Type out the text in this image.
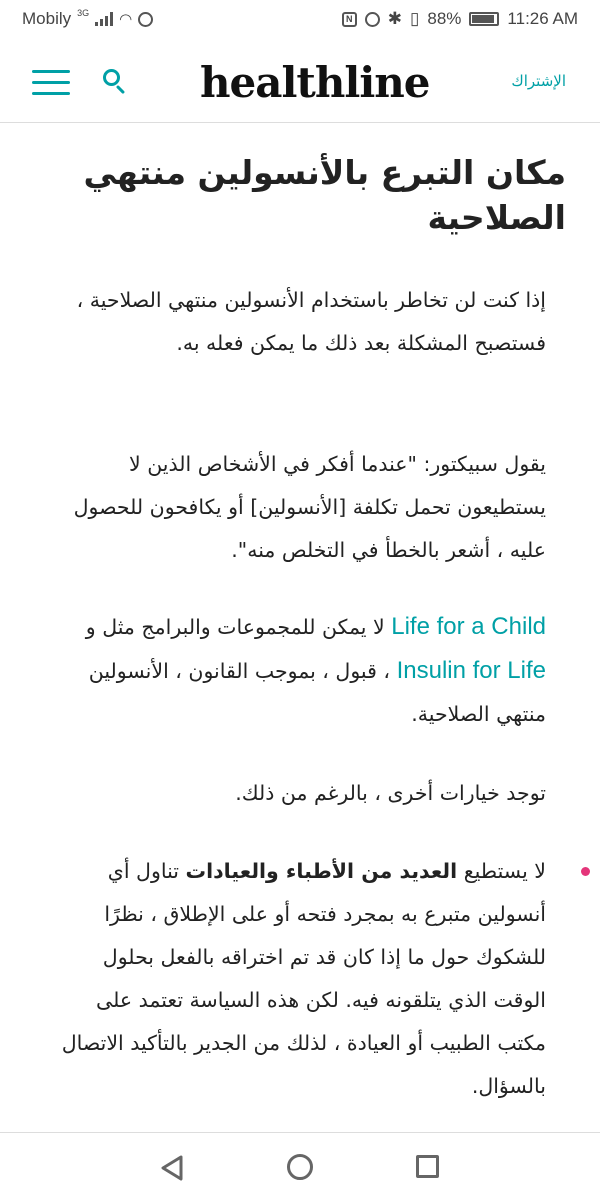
Mobily 3G ◠	N ✱ ▯ 88%	11:26 AM
healthline	الإشتراك
مكان التبرع بالأنسولين منتهي الصلاحية

إذا كنت لن تخاطر باستخدام الأنسولين منتهي الصلاحية ، فستصبح المشكلة بعد ذلك ما يمكن فعله به.

يقول سبيكتور: "عندما أفكر في الأشخاص الذين لا يستطيعون تحمل تكلفة [الأنسولين] أو يكافحون للحصول عليه ، أشعر بالخطأ في التخلص منه".

Life for a Child لا يمكن للمجموعات والبرامج مثل و Insulin for Life ، قبول ، بموجب القانون ، الأنسولين منتهي الصلاحية.

توجد خيارات أخرى ، بالرغم من ذلك.

لا يستطيع العديد من الأطباء والعيادات تناول أي أنسولين متبرع به بمجرد فتحه أو على الإطلاق ، نظرًا للشكوك حول ما إذا كان قد تم اختراقه بالفعل بحلول الوقت الذي يتلقونه فيه. لكن هذه السياسة تعتمد على مكتب الطبيب أو العيادة ، لذلك من الجدير بالتأكيد الاتصال بالسؤال.
